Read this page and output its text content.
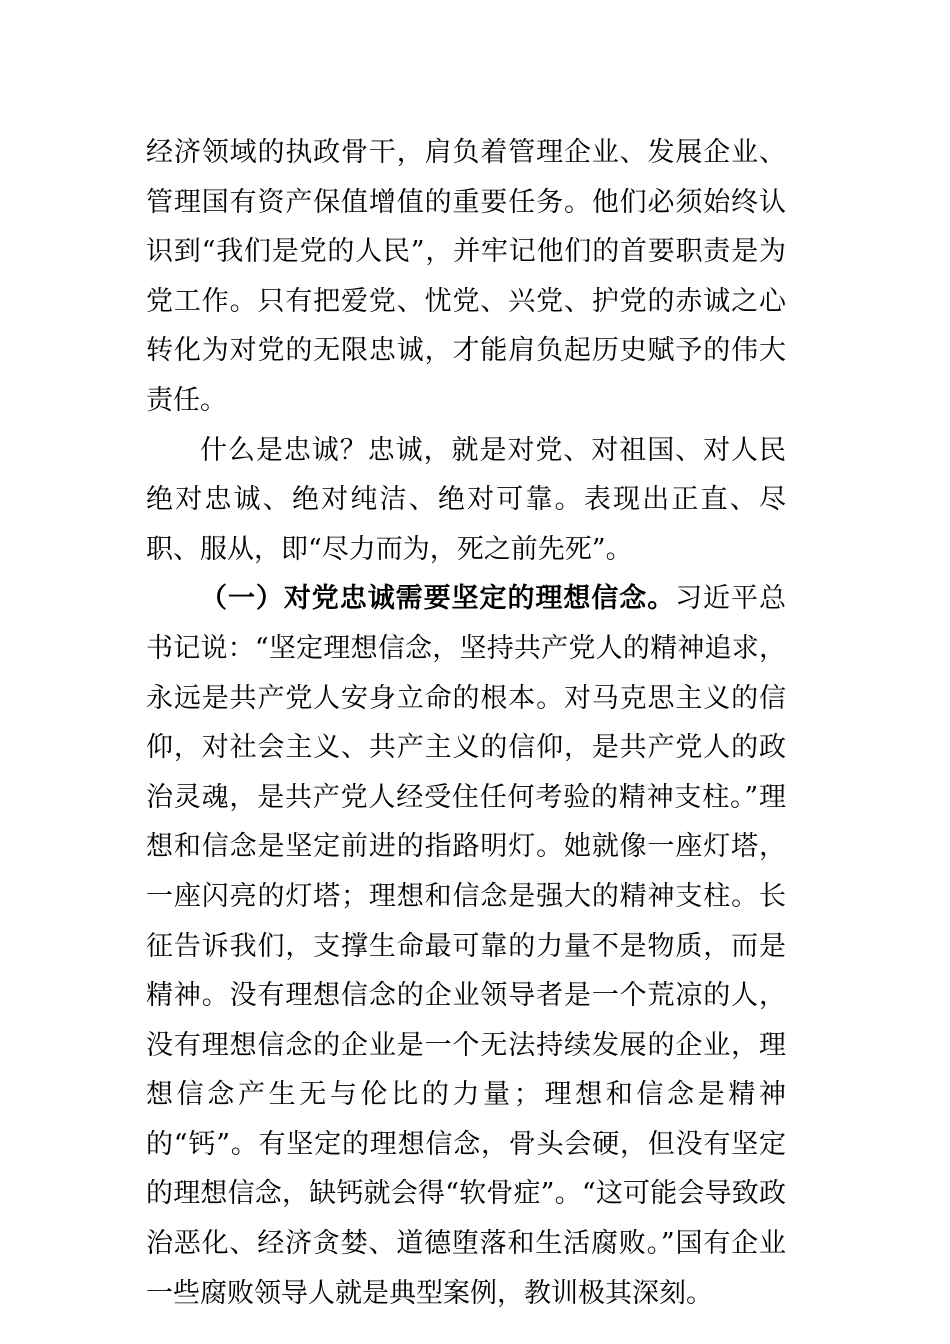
经济领域的执政骨干，肩负着管理企业、发展企业、管理国有资产保值增值的重要任务。他们必须始终认识到“我们是党的人民”，并牢记他们的首要职责是为党工作。只有把爱党、忧党、兴党、护党的赤诚之心转化为对党的无限忠诚，才能肩负起历史赋予的伟大责任。

什么是忠诚？忠诚，就是对党、对祖国、对人民绝对忠诚、绝对纯洁、绝对可靠。表现出正直、尽职、服从，即“尽力而为，死之前先死”。

（一）对党忠诚需要坚定的理想信念。习近平总书记说：“坚定理想信念，坚持共产党人的精神追求，永远是共产党人安身立命的根本。对马克思主义的信仰，对社会主义、共产主义的信仰，是共产党人的政治灵魂，是共产党人经受住任何考验的精神支柱。”理想和信念是坚定前进的指路明灯。她就像一座灯塔，一座闪亮的灯塔；理想和信念是强大的精神支柱。长征告诉我们，支撑生命最可靠的力量不是物质，而是精神。没有理想信念的企业领导者是一个荒凉的人，没有理想信念的企业是一个无法持续发展的企业，理想信念产生无与伦比的力量；理想和信念是精神的“钙”。有坚定的理想信念，骨头会硬，但没有坚定的理想信念，缺钙就会得“软骨症”。“这可能会导致政治恶化、经济贪婪、道德堕落和生活腐败。”国有企业一些腐败领导人就是典型案例，教训极其深刻。
